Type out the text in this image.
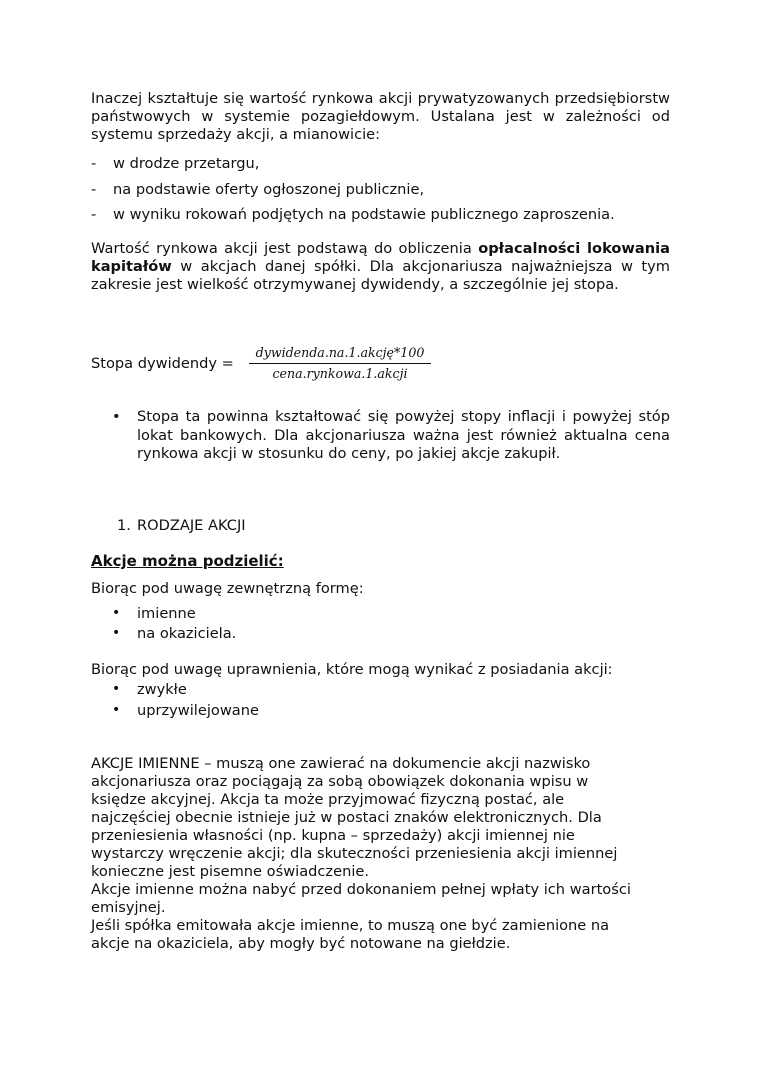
Inaczej kształtuje się wartość rynkowa akcji prywatyzowanych przedsiębiorstw państwowych w systemie pozagiełdowym. Ustalana jest w zależności od systemu sprzedaży akcji, a mianowicie:

- w drodze przetargu,
- na podstawie oferty ogłoszonej publicznie,
- w wyniku rokowań podjętych na podstawie publicznego zaproszenia.

Wartość rynkowa akcji jest podstawą do obliczenia opłacalności lokowania kapitałów w akcjach danej spółki. Dla akcjonariusza najważniejsza w tym zakresie jest wielkość otrzymywanej dywidendy, a szczególnie jej stopa.

Stopa dywidendy =
dywidenda.na.1.akcję*100
cena.rynkowa.1.akcji
• Stopa ta powinna kształtować się powyżej stopy inflacji i powyżej stóp lokat bankowych. Dla akcjonariusza ważna jest również aktualna cena rynkowa akcji w stosunku do ceny, po jakiej akcje zakupił.

1. RODZAJE AKCJI
Akcje można podzielić:
Biorąc pod uwagę zewnętrzną formę:
• imienne
• na okaziciela.
Biorąc pod uwagę uprawnienia, które mogą wynikać z posiadania akcji:
• zwykłe
• uprzywilejowane
AKCJE IMIENNE – muszą one zawierać na dokumencie akcji nazwisko
akcjonariusza oraz pociągają za sobą obowiązek dokonania wpisu w
księdze akcyjnej. Akcja ta może przyjmować fizyczną postać, ale
najczęściej obecnie istnieje już w postaci znaków elektronicznych. Dla
przeniesienia własności (np. kupna – sprzedaży) akcji imiennej nie
wystarczy wręczenie akcji; dla skuteczności przeniesienia akcji imiennej
konieczne jest pisemne oświadczenie.
Akcje imienne można nabyć przed dokonaniem pełnej wpłaty ich wartości
emisyjnej.
Jeśli spółka emitowała akcje imienne, to muszą one być zamienione na
akcje na okaziciela, aby mogły być notowane na giełdzie.
